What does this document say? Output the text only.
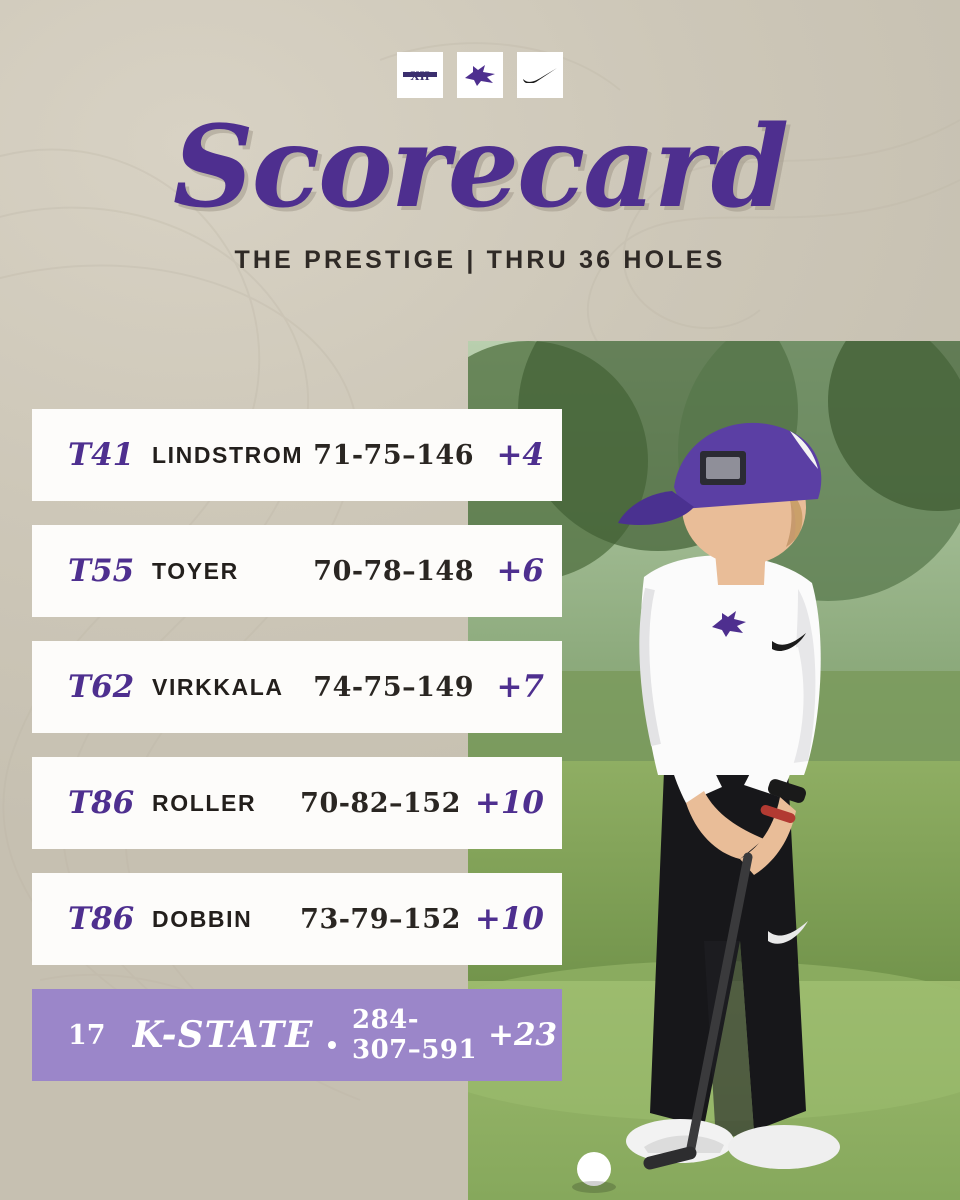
XII
Scorecard
THE PRESTIGE | THRU 36 HOLES
T41 LINDSTROM 71-75–146 +4
T55 TOYER	70-78–148 +6
T62 VIRKKALA	74-75–149 +7
T86 ROLLER	70-82–152 +10
T86 DOBBIN	73-79–152 +10
17 K-STATE 284-307–591 +23
